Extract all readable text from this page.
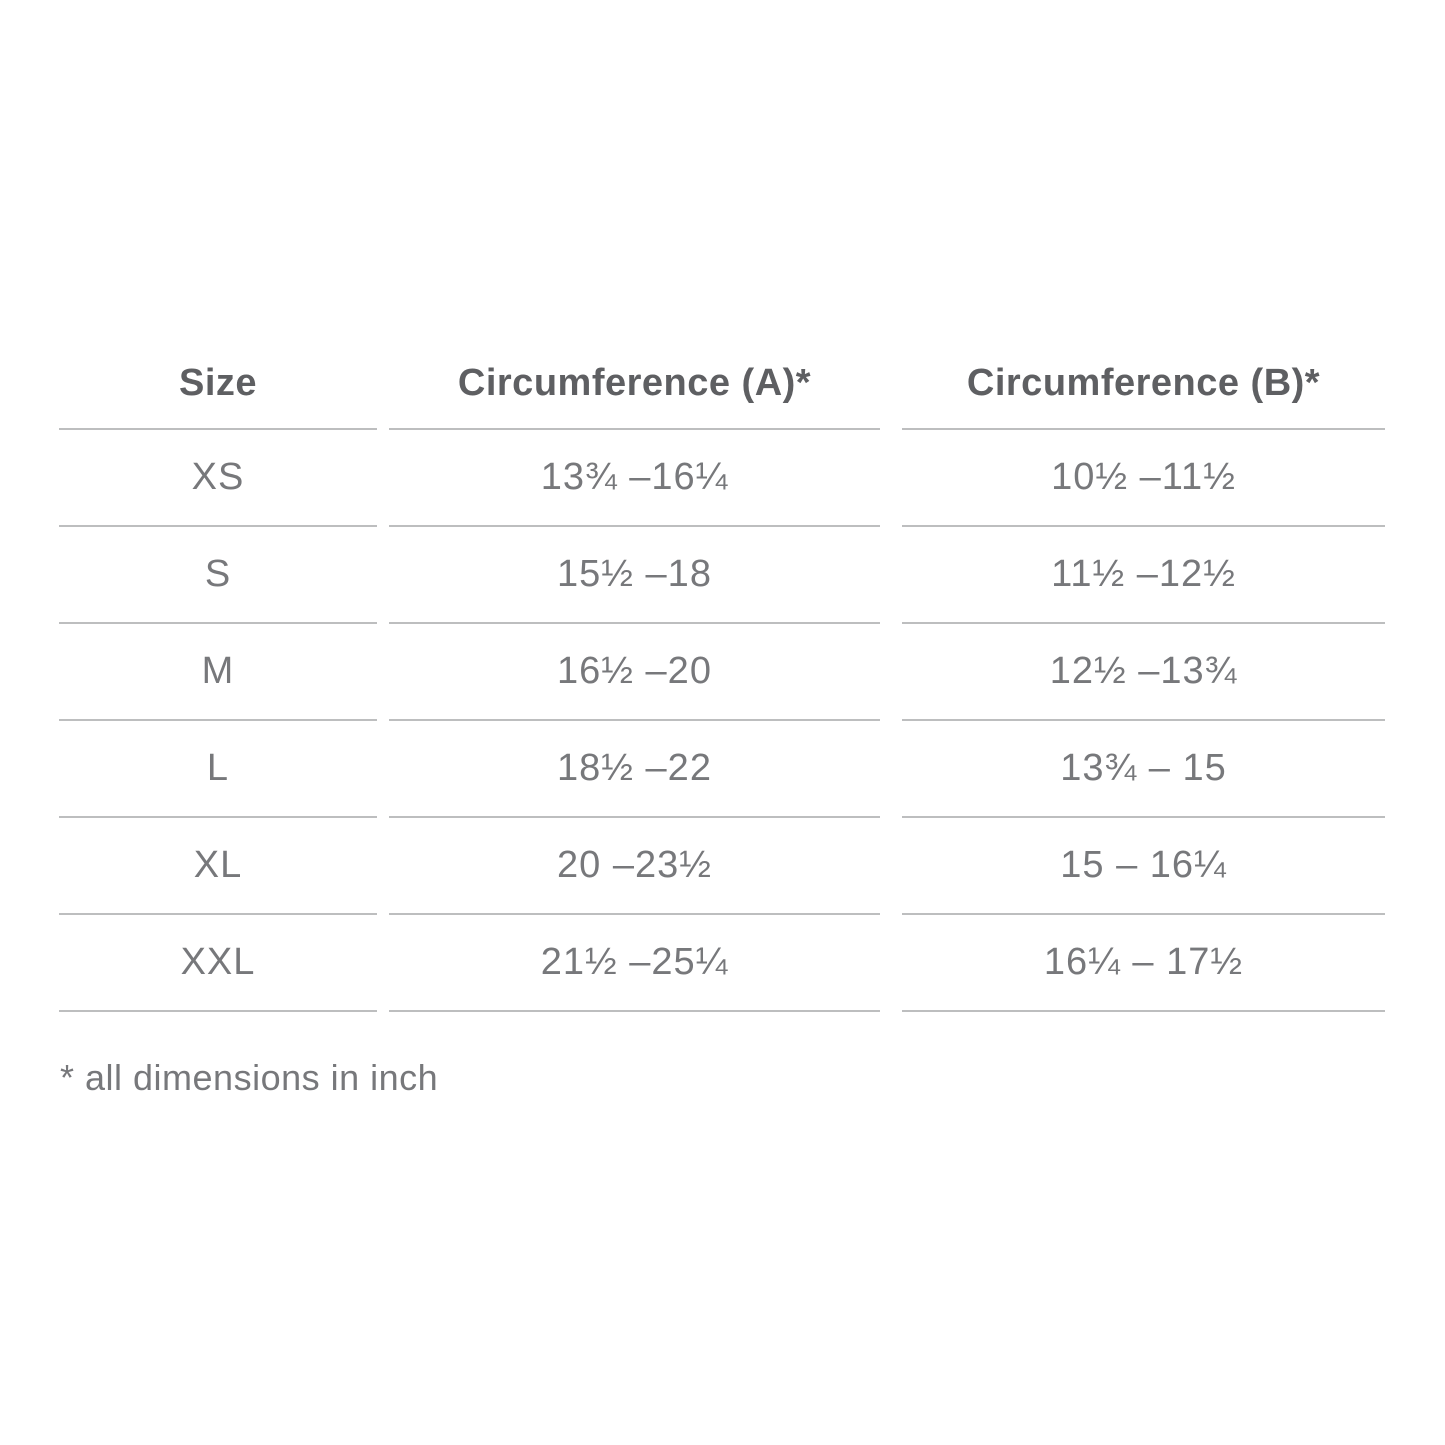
Size	Circumference (A)*	Circumference (B)*
XS	13¾ –16¼	10½ –11½
S	15½ –18	11½ –12½
M	16½ –20	12½ –13¾
L	18½ –22	13¾ – 15
XL	20 –23½	15 – 16¼
XXL	21½ –25¼	16¼ – 17½
* all dimensions in inch
